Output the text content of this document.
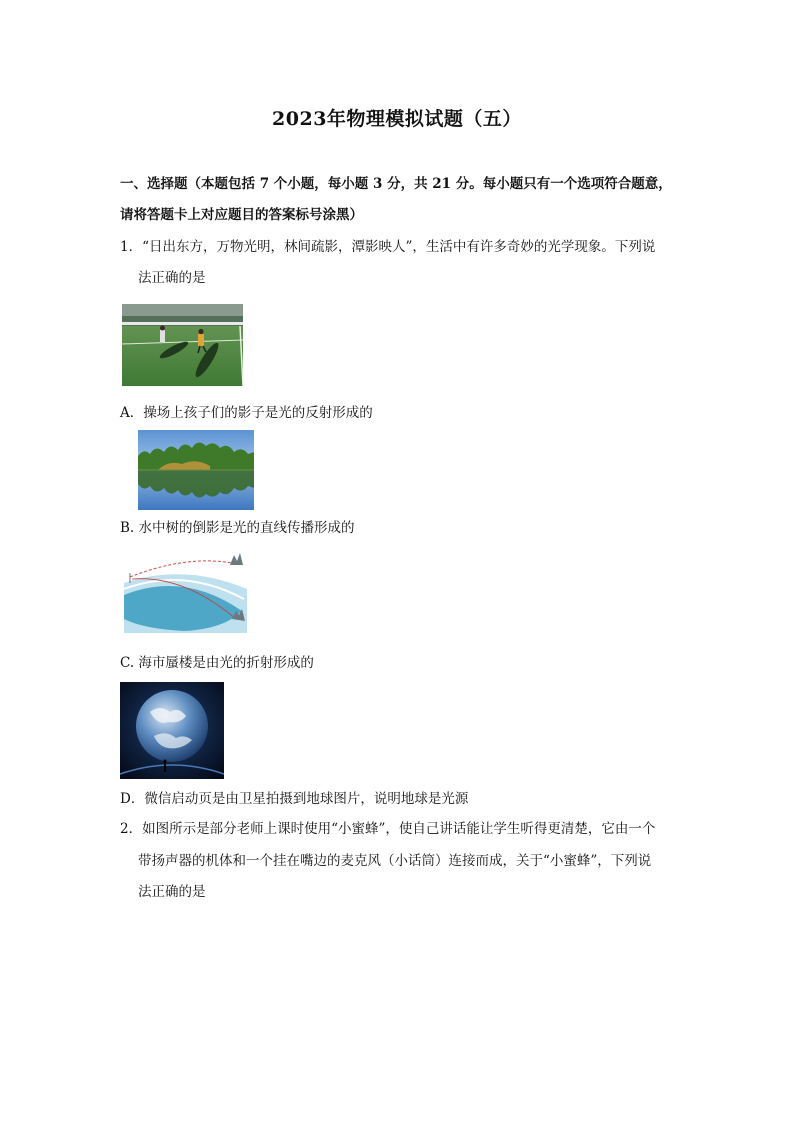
2023年物理模拟试题（五）
一、选择题（本题包括 7 个小题，每小题 3 分，共 21 分。每小题只有一个选项符合题意，
请将答题卡上对应题目的答案标号涂黑）
1．“日出东方，万物光明，林间疏影，潭影映人”，生活中有许多奇妙的光学现象。下列说
法正确的是
A．操场上孩子们的影子是光的反射形成的
B. 水中树的倒影是光的直线传播形成的
C. 海市蜃楼是由光的折射形成的
D．微信启动页是由卫星拍摄到地球图片，说明地球是光源
2．如图所示是部分老师上课时使用“小蜜蜂”，使自己讲话能让学生听得更清楚，它由一个
带扬声器的机体和一个挂在嘴边的麦克风（小话筒）连接而成，关于“小蜜蜂”，下列说
法正确的是
